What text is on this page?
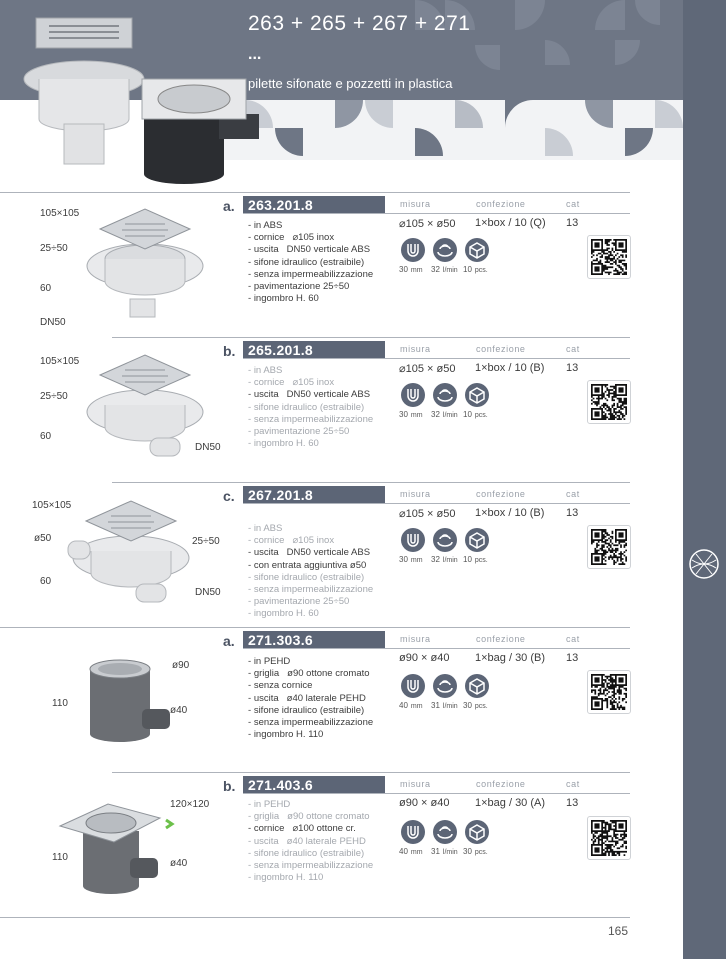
263 + 265 + 267 + 271
...
pilette sifonate e pozzetti in plastica
a. 263.201.8	misura	confezione	cat
- in ABS
- cornice ⌀105 inox
- uscita DN50 verticale ABS
- sifone idraulico (estraibile)
- senza impermeabilizzazione
- pavimentazione 25÷50
- ingombro H. 60
⌀105 × ø50 1×box / 10 (Q) 13
30 mm 32 l/min 10 pcs.
105×105
25÷50
60
DN50
b. 265.201.8	misura	confezione	cat
- in ABS
- cornice ⌀105 inox
- uscita DN50 verticale ABS
- sifone idraulico (estraibile)
- senza impermeabilizzazione
- pavimentazione 25÷50
- ingombro H. 60
⌀105 × ø50 1×box / 10 (B) 13
30 mm 32 l/min 10 pcs.
105×105
25÷50
60
DN50
c. 267.201.8	misura	confezione	cat
- in ABS
- cornice ⌀105 inox
- uscita DN50 verticale ABS
- con entrata aggiuntiva ø50
- sifone idraulico (estraibile)
- senza impermeabilizzazione
- pavimentazione 25÷50
- ingombro H. 60
⌀105 × ø50 1×box / 10 (B) 13
30 mm 32 l/min 10 pcs.
105×105
ø50	25÷50
60
DN50
a. 271.303.6	misura	confezione	cat
- in PEHD
- griglia ø90 ottone cromato
- senza cornice
- uscita ø40 laterale PEHD
- sifone idraulico (estraibile)
- senza impermeabilizzazione
- ingombro H. 110
ø90 × ø40 1×bag / 30 (B) 13
40 mm 31 l/min 30 pcs.
ø90
110
ø40
b. 271.403.6	misura	confezione	cat
- in PEHD
- griglia ø90 ottone cromato
- cornice ⌀100 ottone cr.
- uscita ø40 laterale PEHD
- sifone idraulico (estraibile)
- senza impermeabilizzazione
- ingombro H. 110
ø90 × ø40 1×bag / 30 (A) 13
40 mm 31 l/min 30 pcs.
120×120
110
ø40
165
